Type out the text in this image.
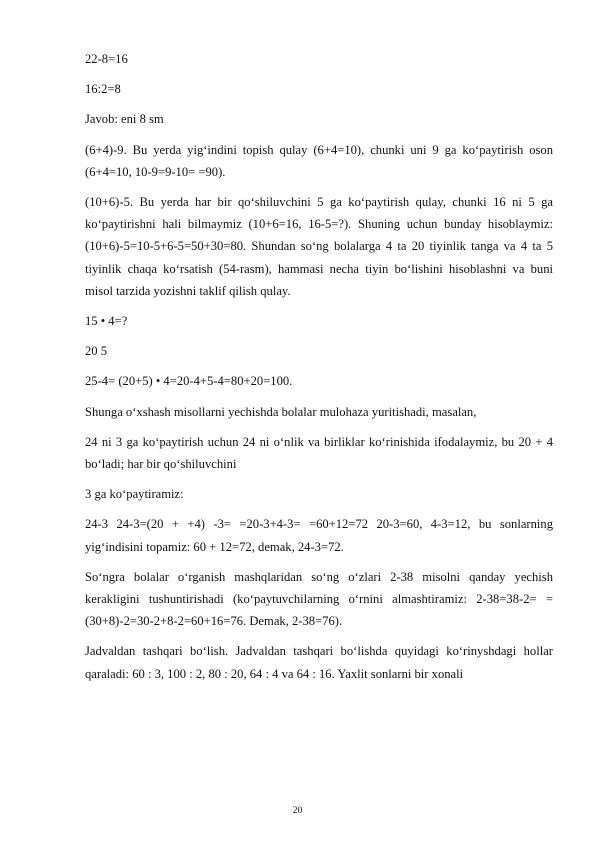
22-8=16

16:2=8

Javob: eni 8 sm

(6+4)-9. Bu yerda yig‘indini topish qulay (6+4=10), chunki uni 9 ga ko‘paytirish oson (6+4=10, 10-9=9-10= =90).

(10+6)-5. Bu yerda har bir qo‘shiluvchini 5 ga ko‘paytirish qulay, chunki 16 ni 5 ga ko‘paytirishni hali bilmaymiz (10+6=16, 16-5=?). Shuning uchun bunday hisoblaymiz: (10+6)-5=10-5+6-5=50+30=80. Shundan so‘ng bolalarga 4 ta 20 tiyinlik tanga va 4 ta 5 tiyinlik chaqa ko‘rsatish (54-rasm), hammasi necha tiyin bo‘lishini hisoblashni va buni misol tarzida yozishni taklif qilish qulay.

15 • 4=?

20 5

25-4= (20+5) • 4=20-4+5-4=80+20=100.

Shunga o‘xshash misollarni yechishda bolalar mulohaza yuritishadi, masalan,

24 ni 3 ga ko‘paytirish uchun 24 ni o‘nlik va birliklar ko‘rinishida ifodalaymiz, bu 20 + 4 bo‘ladi; har bir qo‘shiluvchini

3 ga ko‘paytiramiz:

24-3 24-3=(20 + +4) -3= =20-3+4-3= =60+12=72 20-3=60, 4-3=12, bu sonlarning yig‘indisini topamiz: 60 + 12=72, demak, 24-3=72.

So‘ngra bolalar o‘rganish mashqlaridan so‘ng o‘zlari 2-38 misolni qanday yechish kerakligini tushuntirishadi (ko‘paytuvchilarning o‘rnini almashtiramiz: 2-38=38-2= = (30+8)-2=30-2+8-2=60+16=76. Demak, 2-38=76).

Jadvaldan tashqari bo‘lish. Jadvaldan tashqari bo‘lishda quyidagi ko‘rinyshdagi hollar qaraladi: 60 : 3, 100 : 2, 80 : 20, 64 : 4 va 64 : 16. Yaxlit sonlarni bir xonali

20
